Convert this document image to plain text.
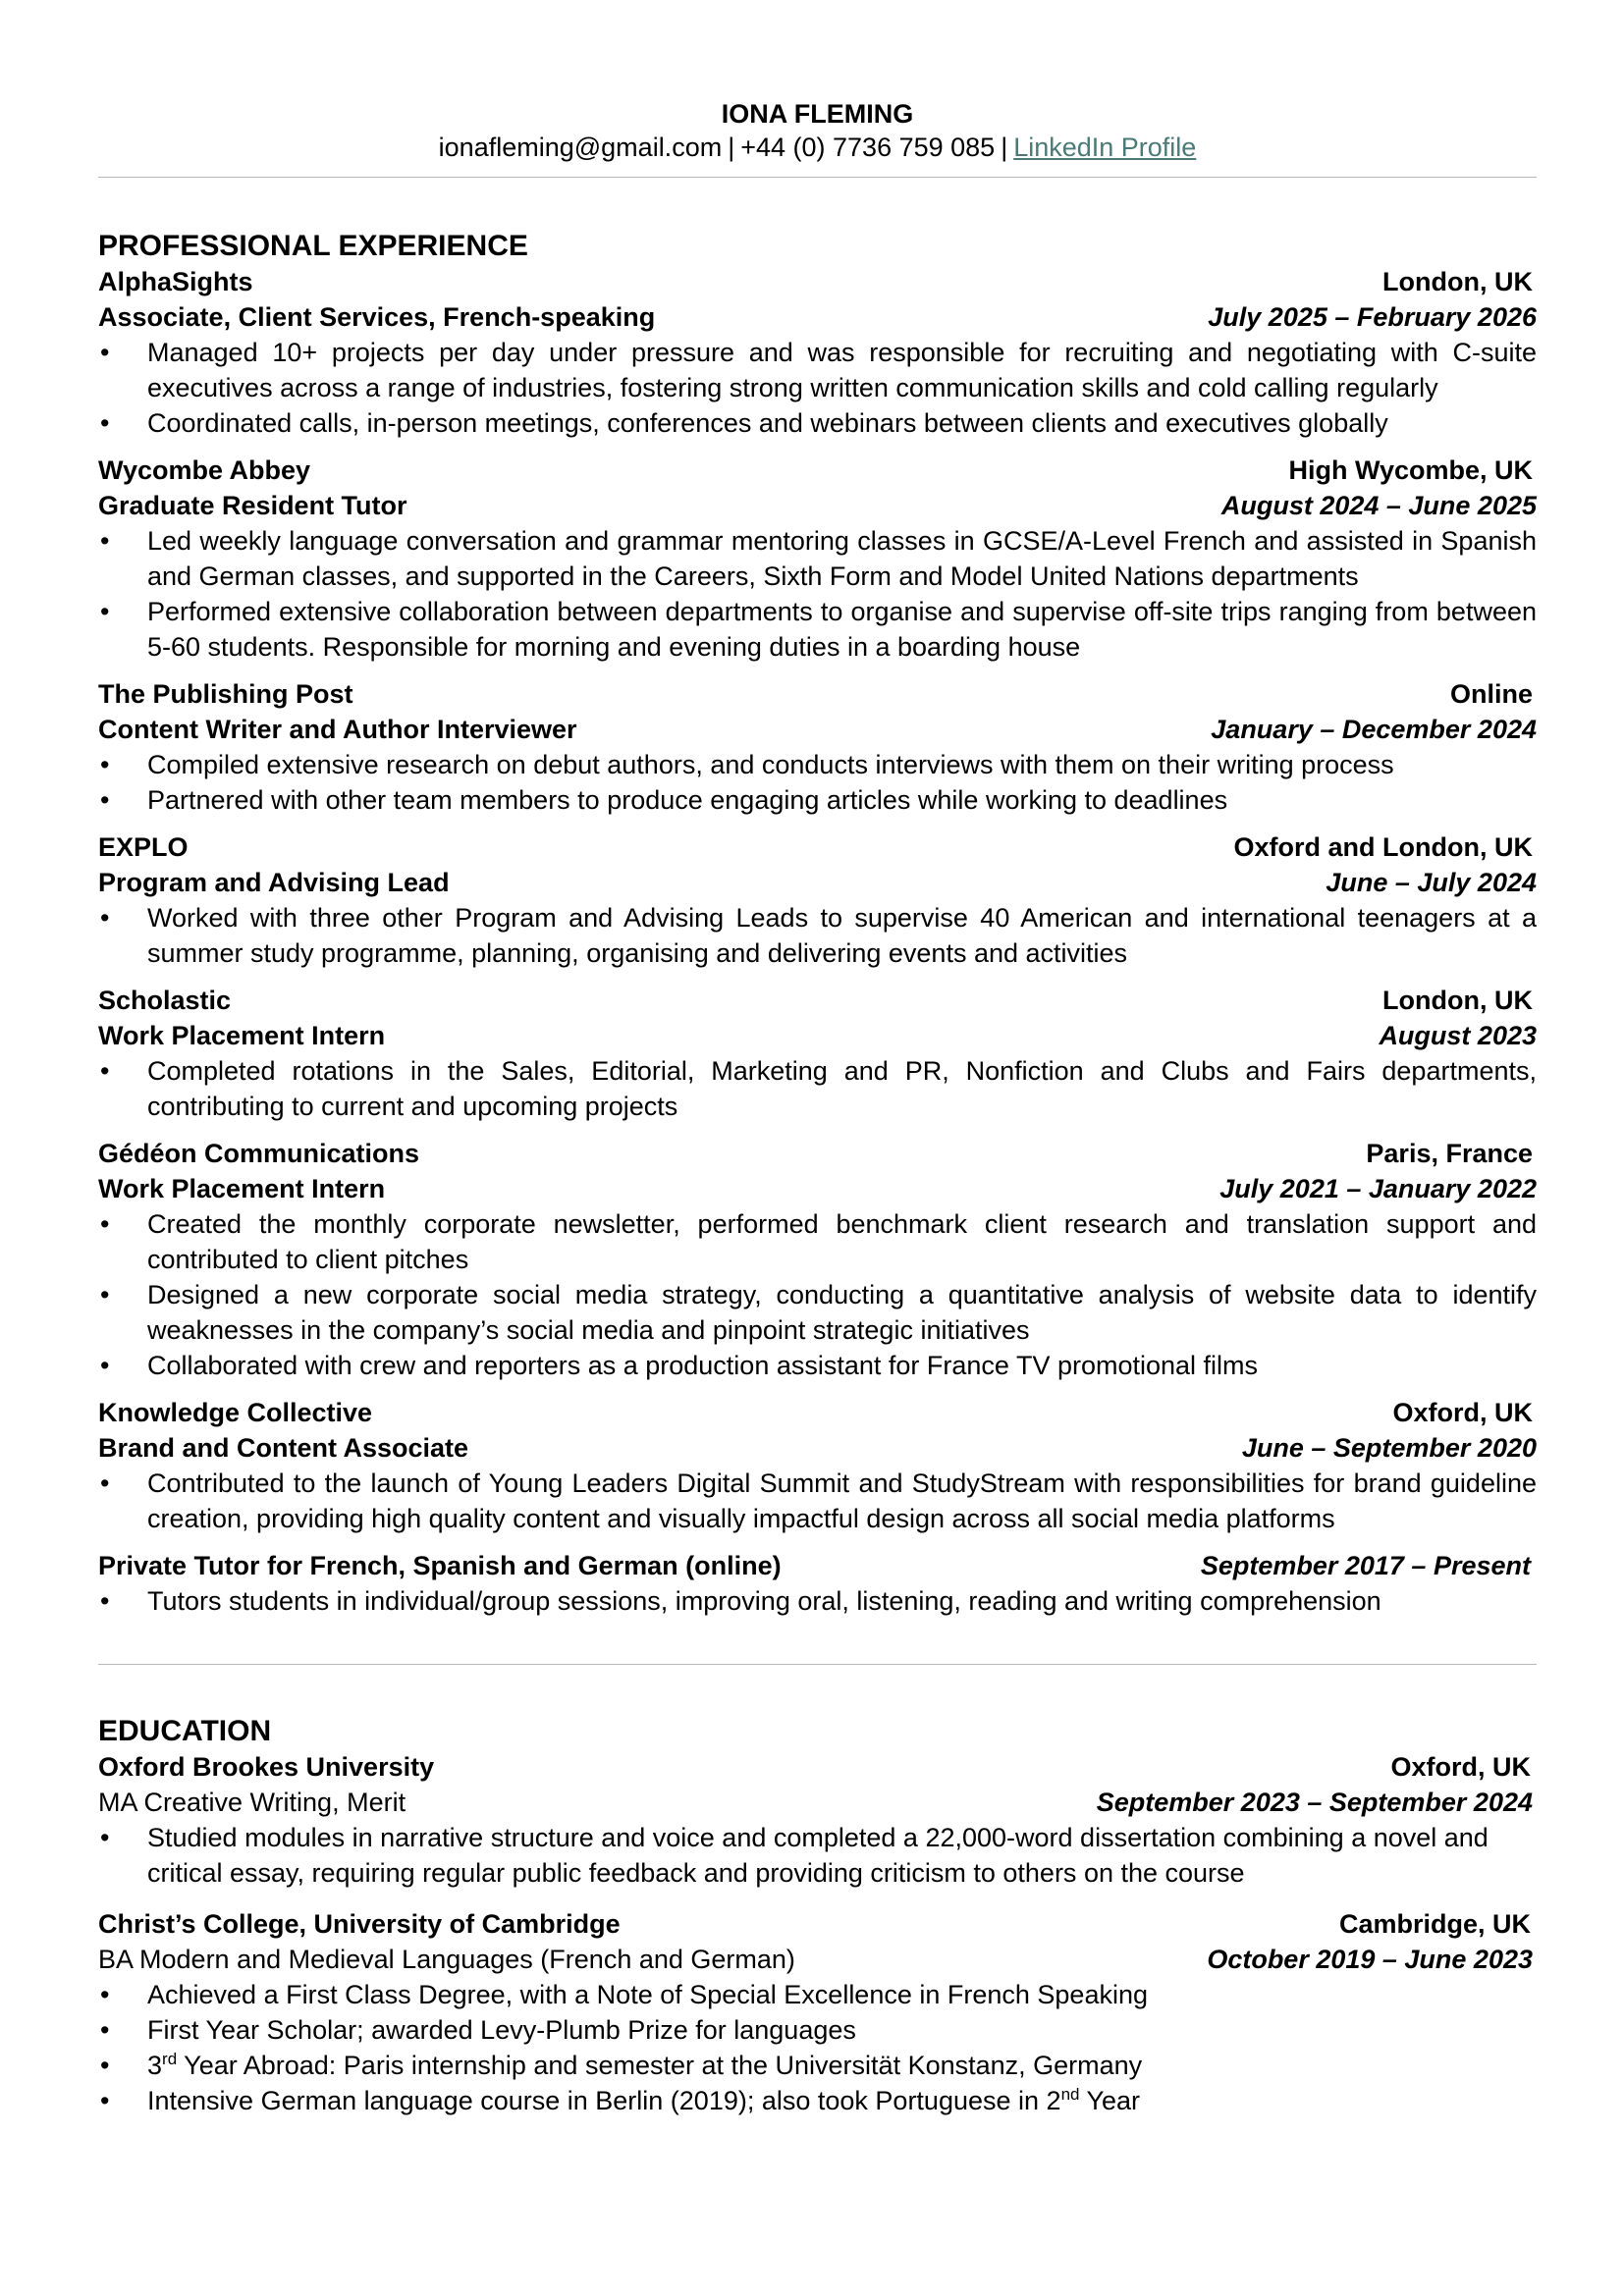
IONA FLEMING
ionafleming@gmail.com | +44 (0) 7736 759 085 | LinkedIn Profile
PROFESSIONAL EXPERIENCE
AlphaSights	London, UK
Associate, Client Services, French-speaking	July 2025 – February 2026
• Managed 10+ projects per day under pressure and was responsible for recruiting and negotiating with C-suite executives across a range of industries, fostering strong written communication skills and cold calling regularly
• Coordinated calls, in-person meetings, conferences and webinars between clients and executives globally
Wycombe Abbey	High Wycombe, UK
Graduate Resident Tutor	August 2024 – June 2025
• Led weekly language conversation and grammar mentoring classes in GCSE/A-Level French and assisted in Spanish and German classes, and supported in the Careers, Sixth Form and Model United Nations departments
• Performed extensive collaboration between departments to organise and supervise off-site trips ranging from between 5-60 students. Responsible for morning and evening duties in a boarding house
The Publishing Post	Online
Content Writer and Author Interviewer	January – December 2024
• Compiled extensive research on debut authors, and conducts interviews with them on their writing process
• Partnered with other team members to produce engaging articles while working to deadlines
EXPLO	Oxford and London, UK
Program and Advising Lead	June – July 2024
• Worked with three other Program and Advising Leads to supervise 40 American and international teenagers at a summer study programme, planning, organising and delivering events and activities
Scholastic	London, UK
Work Placement Intern	August 2023
• Completed rotations in the Sales, Editorial, Marketing and PR, Nonfiction and Clubs and Fairs departments, contributing to current and upcoming projects
Gédéon Communications	Paris, France
Work Placement Intern	July 2021 – January 2022
• Created the monthly corporate newsletter, performed benchmark client research and translation support and contributed to client pitches
• Designed a new corporate social media strategy, conducting a quantitative analysis of website data to identify weaknesses in the company’s social media and pinpoint strategic initiatives
• Collaborated with crew and reporters as a production assistant for France TV promotional films
Knowledge Collective	Oxford, UK
Brand and Content Associate	June – September 2020
• Contributed to the launch of Young Leaders Digital Summit and StudyStream with responsibilities for brand guideline creation, providing high quality content and visually impactful design across all social media platforms
Private Tutor for French, Spanish and German (online)	September 2017 – Present
• Tutors students in individual/group sessions, improving oral, listening, reading and writing comprehension
EDUCATION
Oxford Brookes University	Oxford, UK
MA Creative Writing, Merit	September 2023 – September 2024
• Studied modules in narrative structure and voice and completed a 22,000-word dissertation combining a novel and critical essay, requiring regular public feedback and providing criticism to others on the course
Christ’s College, University of Cambridge	Cambridge, UK
BA Modern and Medieval Languages (French and German)	October 2019 – June 2023
• Achieved a First Class Degree, with a Note of Special Excellence in French Speaking
• First Year Scholar; awarded Levy-Plumb Prize for languages
• 3rd Year Abroad: Paris internship and semester at the Universität Konstanz, Germany
• Intensive German language course in Berlin (2019); also took Portuguese in 2nd Year
